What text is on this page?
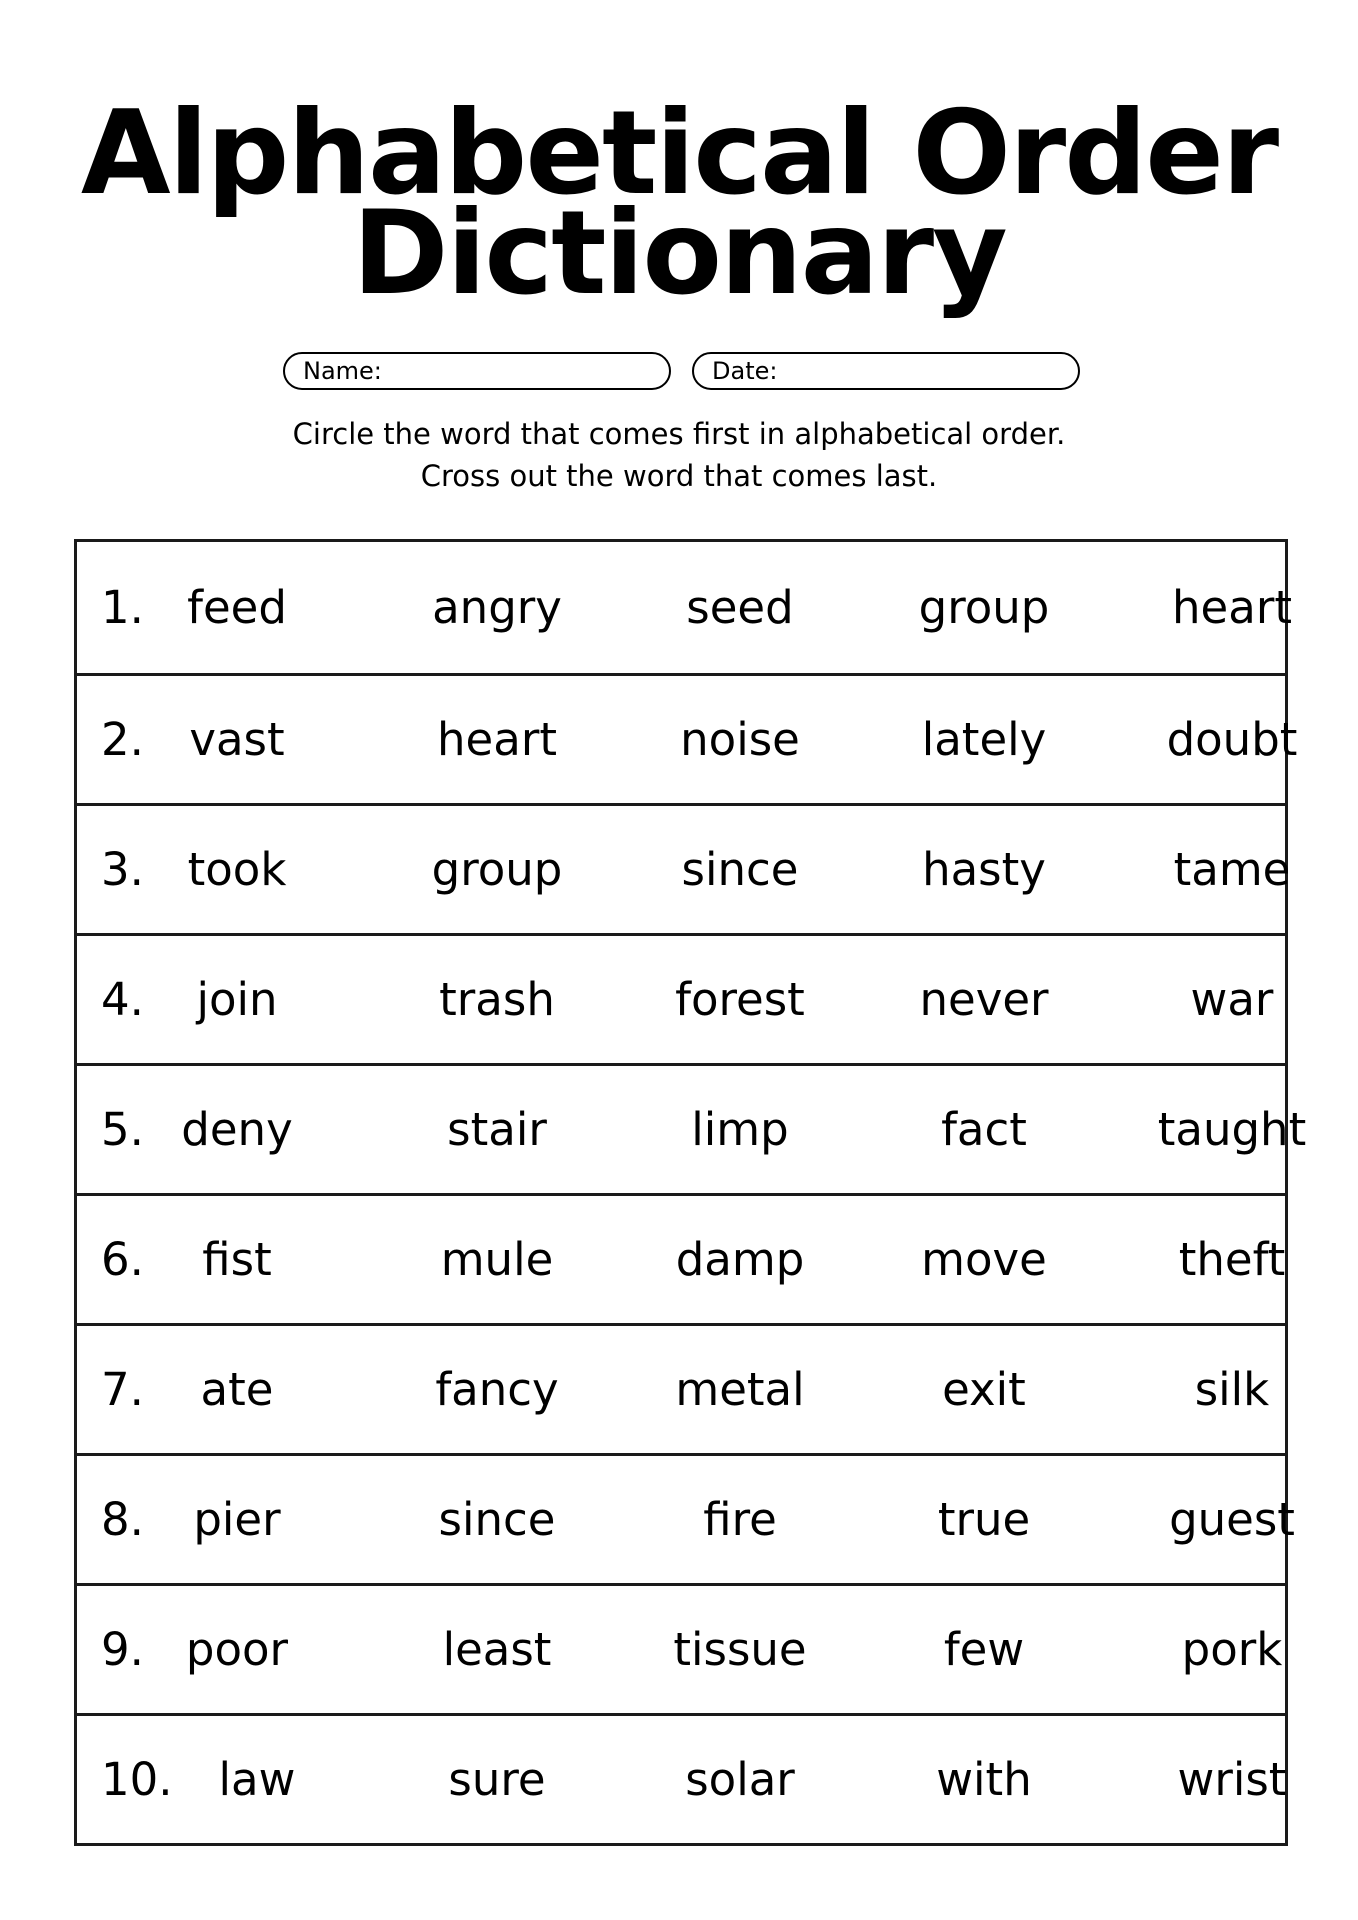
Alphabetical Order
Dictionary
Name:	Date:
Circle the word that comes first in alphabetical order.
Cross out the word that comes last.
1. feed	angry	seed	group	heart
2.	vast	heart	noise	lately	doubt
3. took	group	since	hasty	tame
4.	join	trash	forest	never	war
5. deny	stair	limp	fact	taught
6.	fist	mule	damp	move	theft
7.	ate	fancy	metal	exit	silk
8.	pier	since	fire	true	guest
9. poor	least	tissue	few	pork
10.	law	sure	solar	with	wrist
